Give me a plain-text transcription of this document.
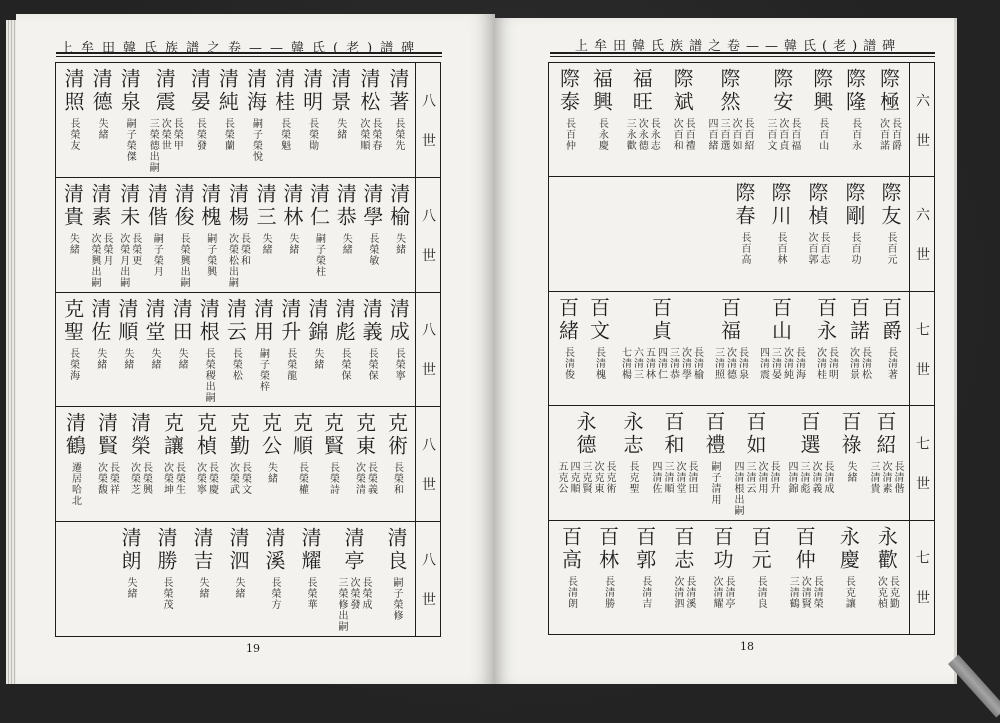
上牟田韓氏族譜之卷——韓氏(老)譜碑
八世
清著
長榮先
清松
長榮春
次榮順
清景
失緒
清明
長榮勛
清桂
長榮魁
清海
嗣子榮悅
清純
長榮蘭
清晏
長榮發
清震
長榮甲
次榮世
三榮德出嗣
清泉
嗣子榮傑
清德
失緒
清照
長榮友
八世
清榆
失緒
清學
長榮敏
清恭
失緒
清仁
嗣子榮柱
清林
失緒
清三
失緒
清楊
長榮和
次榮松出嗣
清槐
嗣子榮興
清俊
長榮興出嗣
清偕
嗣子榮月
清未
長榮更
次榮月出嗣
清素
長榮月
次榮興出嗣
清貴
失緒
八世
清成
長榮寧
清義
長榮保
清彪
長榮保
清錦
失緒
清升
長榮龍
清用
嗣子榮梓
清云
長榮松
清根
長榮稷出嗣
清田
失緒
清堂
失緒
清順
失緒
清佐
失緒
克聖
長榮海
八世
克術
長榮和
克東
長榮義
次榮清
克賢
長榮詩
克順
長榮權
克公
失緒
克勤
長榮文
次榮武
克楨
長榮慶
次榮寧
克讓
長榮生
次榮坤
清榮
長榮興
次榮芝
清賢
長榮祥
次榮馥
清鶴
遷居哈北
八世
清良
嗣子榮修
清亭
長榮成
次榮發
三榮修出嗣
清耀
長榮華
清溪
長榮方
清泗
失緒
清吉
失緒
清勝
長榮茂
清朗
失緒
19
上牟田韓氏族譜之卷——韓氏(老)譜碑
六世
際極
長百爵
次百諾
際隆
長百永
際興
長百山
際安
長百福
次百貞
三百文
際然
長百紹
次百如
三百選
四百緒
際斌
長百禮
次百和
福旺
長永志
次永德
三永歡
福興
長永慶
際泰
長百仲
六世
際友
長百元
際剛
長百功
際楨
長百志
次百郭
際川
長百林
際春
長百高
七世
百爵
長清著
百諾
長清松
次清景
百永
長清明
次清桂
百山
長清海
次清純
三清晏
四清震
百福
長清泉
次清德
三清照
百貞
長清榆
次清學
三清恭
四清仁
五清林
六清三
七清楊
百文
長清槐
百緒
長清俊
七世
百紹
長清偕
次清素
三清貴
百祿
失緒
百選
長清成
次清義
三清彪
四清錦
百如
長清升
次清用
三清云
四清根出嗣
百禮
嗣子清用
百和
長清田
次清堂
三清順
四清佐
永志
長克聖
永德
長克術
次克東
三克賢
四克順
五克公
七世
永歡
長克勤
次克楨
永慶
長克讓
百仲
長清榮
次清賢
三清鶴
百元
長清良
百功
長清亭
次清耀
百志
長清溪
次清泗
百郭
長清吉
百林
長清勝
百高
長清朗
18
